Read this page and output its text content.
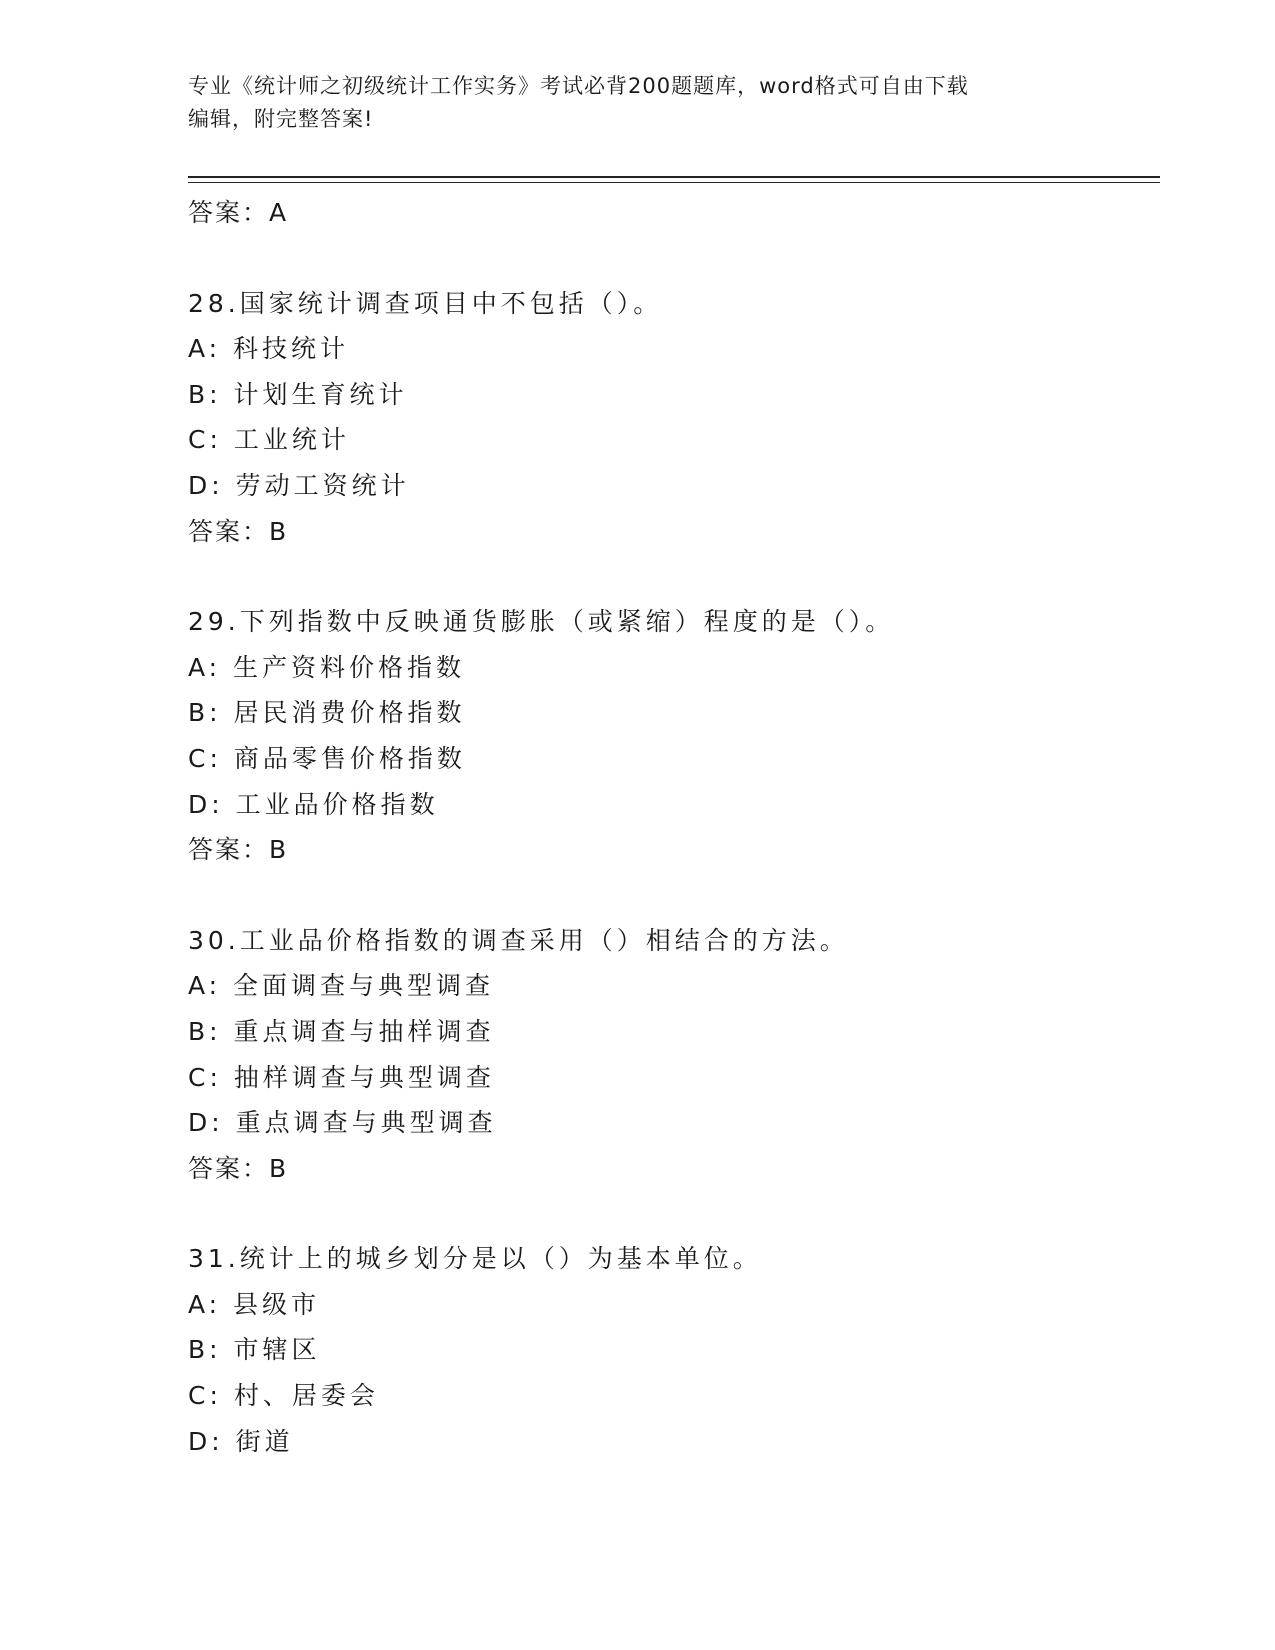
专业《统计师之初级统计工作实务》考试必背200题题库，word格式可自由下载
编辑，附完整答案!
答案：A
28.国家统计调查项目中不包括（）。
A: 科技统计
B: 计划生育统计
C: 工业统计
D: 劳动工资统计
答案：B
29.下列指数中反映通货膨胀（或紧缩）程度的是（）。
A: 生产资料价格指数
B: 居民消费价格指数
C: 商品零售价格指数
D: 工业品价格指数
答案：B
30.工业品价格指数的调查采用（）相结合的方法。
A: 全面调查与典型调查
B: 重点调查与抽样调查
C: 抽样调查与典型调查
D: 重点调查与典型调查
答案：B
31.统计上的城乡划分是以（）为基本单位。
A: 县级市
B: 市辖区
C: 村、居委会
D: 街道
